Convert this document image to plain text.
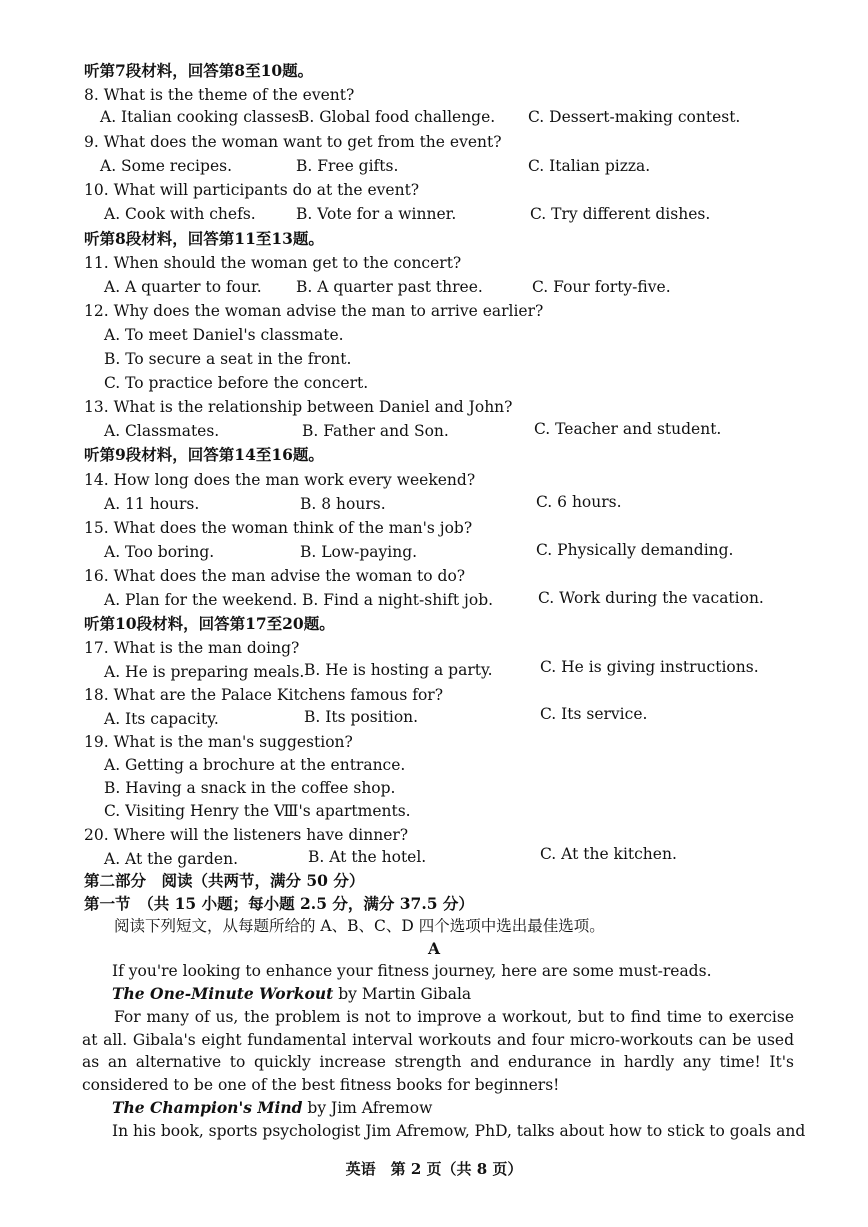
听第7段材料，回答第8至10题。
8. What is the theme of the event?
A. Italian cooking classes.
B. Global food challenge. C. Dessert-making contest.
9. What does the woman want to get from the event?
A. Some recipes.	B. Free gifts.	C. Italian pizza.
10. What will participants do at the event?
A. Cook with chefs.	B. Vote for a winner.	C. Try different dishes.
听第8段材料，回答第11至13题。
11. When should the woman get to the concert?
A. A quarter to four. B. A quarter past three.	C. Four forty-five.
12. Why does the woman advise the man to arrive earlier?
A. To meet Daniel's classmate.
B. To secure a seat in the front.
C. To practice before the concert.
13. What is the relationship between Daniel and John?
A. Classmates.	B. Father and Son.	C. Teacher and student.
听第9段材料，回答第14至16题。
14. How long does the man work every weekend?
A. 11 hours.	B. 8 hours.	C. 6 hours.
15. What does the woman think of the man's job?
A. Too boring.	B. Low-paying.	C. Physically demanding.
16. What does the man advise the woman to do?
A. Plan for the weekend. B. Find a night-shift job.	C. Work during the vacation.
听第10段材料，回答第17至20题。
17. What is the man doing?
A. He is preparing meals. B. He is hosting a party.	C. He is giving instructions.
18. What are the Palace Kitchens famous for?
A. Its capacity.	B. Its position.	C. Its service.
19. What is the man's suggestion?
A. Getting a brochure at the entrance.
B. Having a snack in the coffee shop.
C. Visiting Henry the Ⅷ's apartments.
20. Where will the listeners have dinner?
A. At the garden.	B. At the hotel.	C. At the kitchen.
第二部分　阅读（共两节，满分 50 分）
第一节　（共 15 小题；每小题 2.5 分，满分 37.5 分）
阅读下列短文，从每题所给的 A、B、C、D 四个选项中选出最佳选项。
A
If you're looking to enhance your fitness journey, here are some must-reads.
The One-Minute Workout by Martin Gibala
For many of us, the problem is not to improve a workout, but to find time to exercise at all. Gibala's eight fundamental interval workouts and four micro-workouts can be used as an alternative to quickly increase strength and endurance in hardly any time! It's considered to be one of the best fitness books for beginners!
The Champion's Mind by Jim Afremow
In his book, sports psychologist Jim Afremow, PhD, talks about how to stick to goals and
英语　第 2 页（共 8 页）
